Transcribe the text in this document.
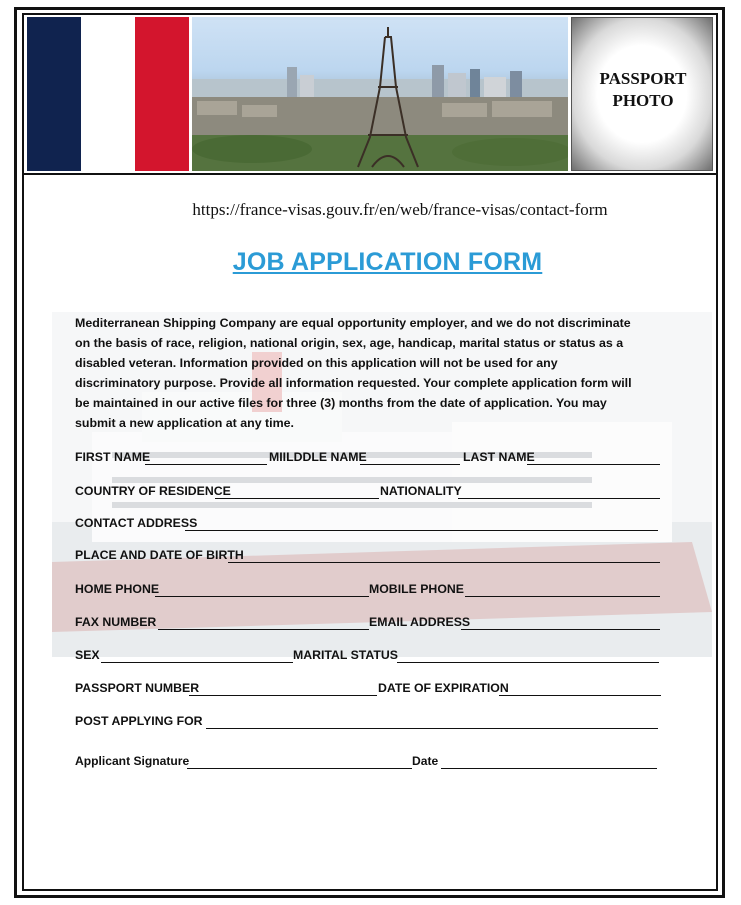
PASSPORT
PHOTO
https://france-visas.gouv.fr/en/web/france-visas/contact-form
JOB APPLICATION FORM
Mediterranean Shipping Company are equal opportunity employer, and we do not discriminate on the basis of race, religion, national origin, sex, age, handicap, marital status or status as a disabled veteran. Information provided on this application will not be used for any discriminatory purpose. Provide all information requested. Your complete application form will be maintained in our active files for three (3) months from the date of application. You may submit a new application at any time.
FIRST NAME	MIILDDLE NAME	LAST NAME
COUNTRY OF RESIDENCE	NATIONALITY
CONTACT ADDRESS
PLACE AND DATE OF BIRTH
HOME PHONE	MOBILE PHONE
FAX NUMBER	EMAIL ADDRESS
SEX	MARITAL STATUS
PASSPORT NUMBER	DATE OF EXPIRATION
POST APPLYING FOR
Applicant Signature	Date
